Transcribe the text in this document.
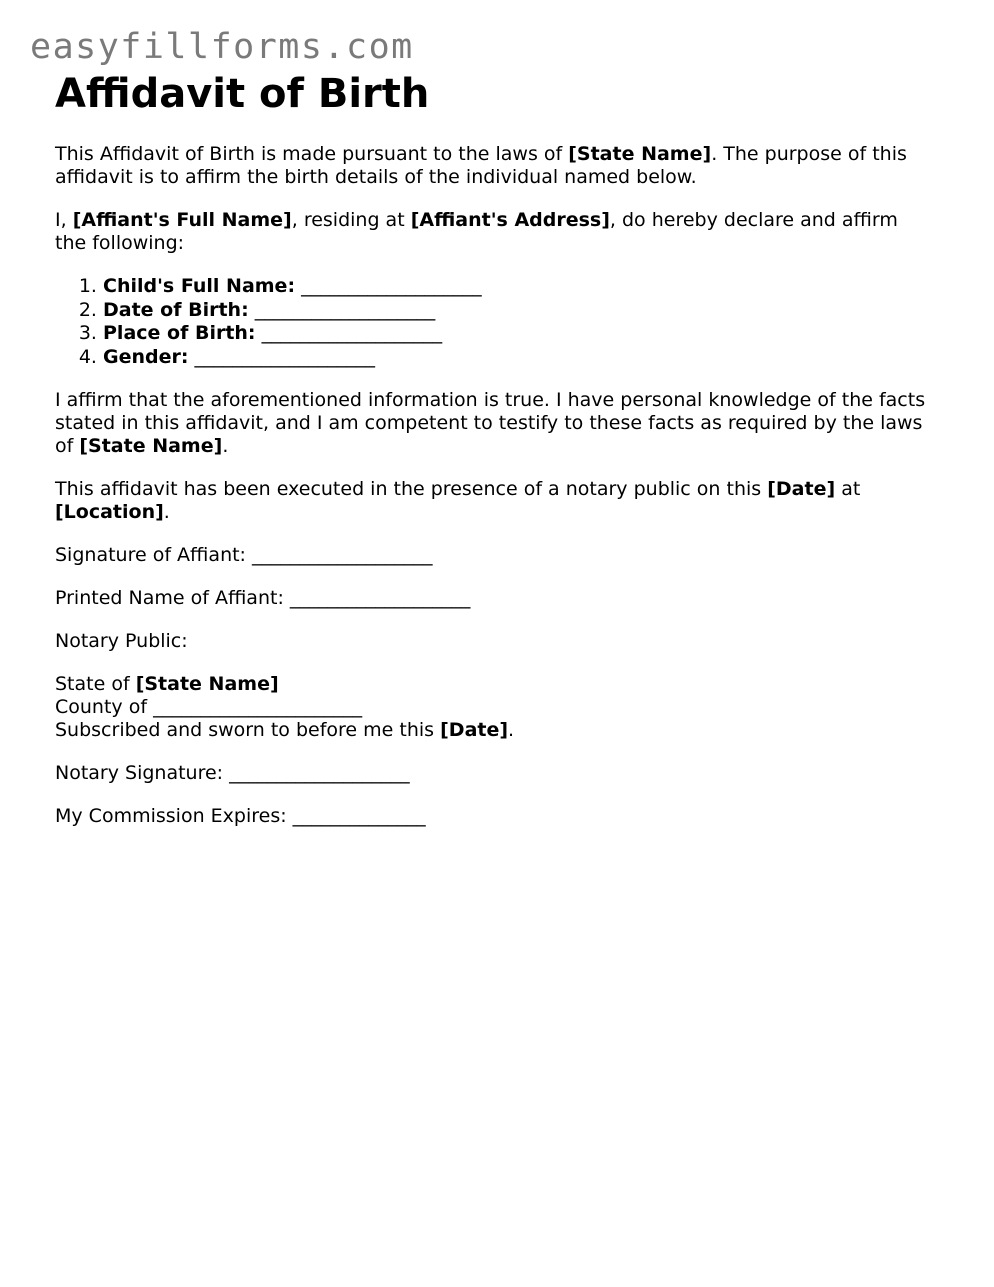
easyfillforms.com
Affidavit of Birth

This Affidavit of Birth is made pursuant to the laws of [State Name]. The purpose of this affidavit is to affirm the birth details of the individual named below.

I, [Affiant's Full Name], residing at [Affiant's Address], do hereby declare and affirm the following:

1. Child's Full Name: ___________________
2. Date of Birth: ___________________
3. Place of Birth: ___________________
4. Gender: ___________________

I affirm that the aforementioned information is true. I have personal knowledge of the facts stated in this affidavit, and I am competent to testify to these facts as required by the laws of [State Name].

This affidavit has been executed in the presence of a notary public on this [Date] at [Location].

Signature of Affiant: ___________________

Printed Name of Affiant: ___________________

Notary Public:

State of [State Name]
County of ______________________
Subscribed and sworn to before me this [Date].

Notary Signature: ___________________

My Commission Expires: ______________
